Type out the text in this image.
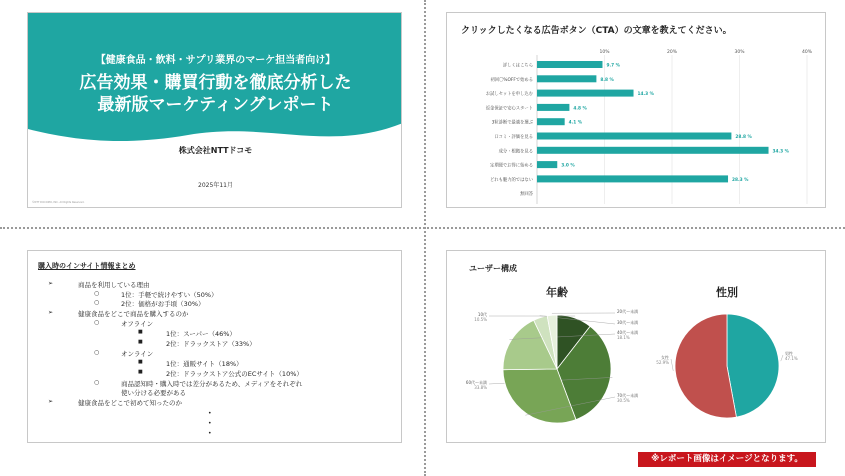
【健康食品・飲料・サプリ業界のマーケ担当者向け】
広告効果・購買行動を徹底分析した
最新版マーケティングレポート
株式会社NTTドコモ
2025年11月
©NTT DOCOMO, INC. All Rights Reserved.
クリックしたくなる広告ボタン（CTA）の文章を教えてください。
10%	20%	30%	40%
詳しくはこちら	9.7 %
初回〇%OFFで始める	8.8 %
お試しセットを申し込む	14.3 %
返金保証で安心スタート	4.8 %
3粒診断で最適を選ぶ	4.1 %
口コミ・評価を見る	28.8 %
成分・根拠を見る	34.3 %
定期便でお得に始める	3.0 %
どれも魅力的ではない	28.3 %
無回答
購入時のインサイト情報まとめ
➢	商品を利用している理由
○	1位：手軽で続けやすい（50%）
○	2位：価格がお手頃（30%）
➢	健康食品をどこで商品を購入するのか
○	オフライン
■	1位：スーパー（46%）
■	2位：ドラックストア（33%）
○	オンライン
■	1位：通販サイト（18%）
■	2位：ドラックストア公式のECサイト（10%）
○	商品認知時・購入時では差分があるため、メディアをそれぞれ
使い分ける必要がある
➢	健康食品をどこで初めて知ったのか
•
•
•
ユーザー構成
年齢	性別
10代
10.5%
60代〜未満
33.8%
70代〜未満
30.5%
40代〜未満
18.1%
30代〜未満
20代〜未満
男性
47.1%
女性
52.9%
※レポート画像はイメージとなります。
